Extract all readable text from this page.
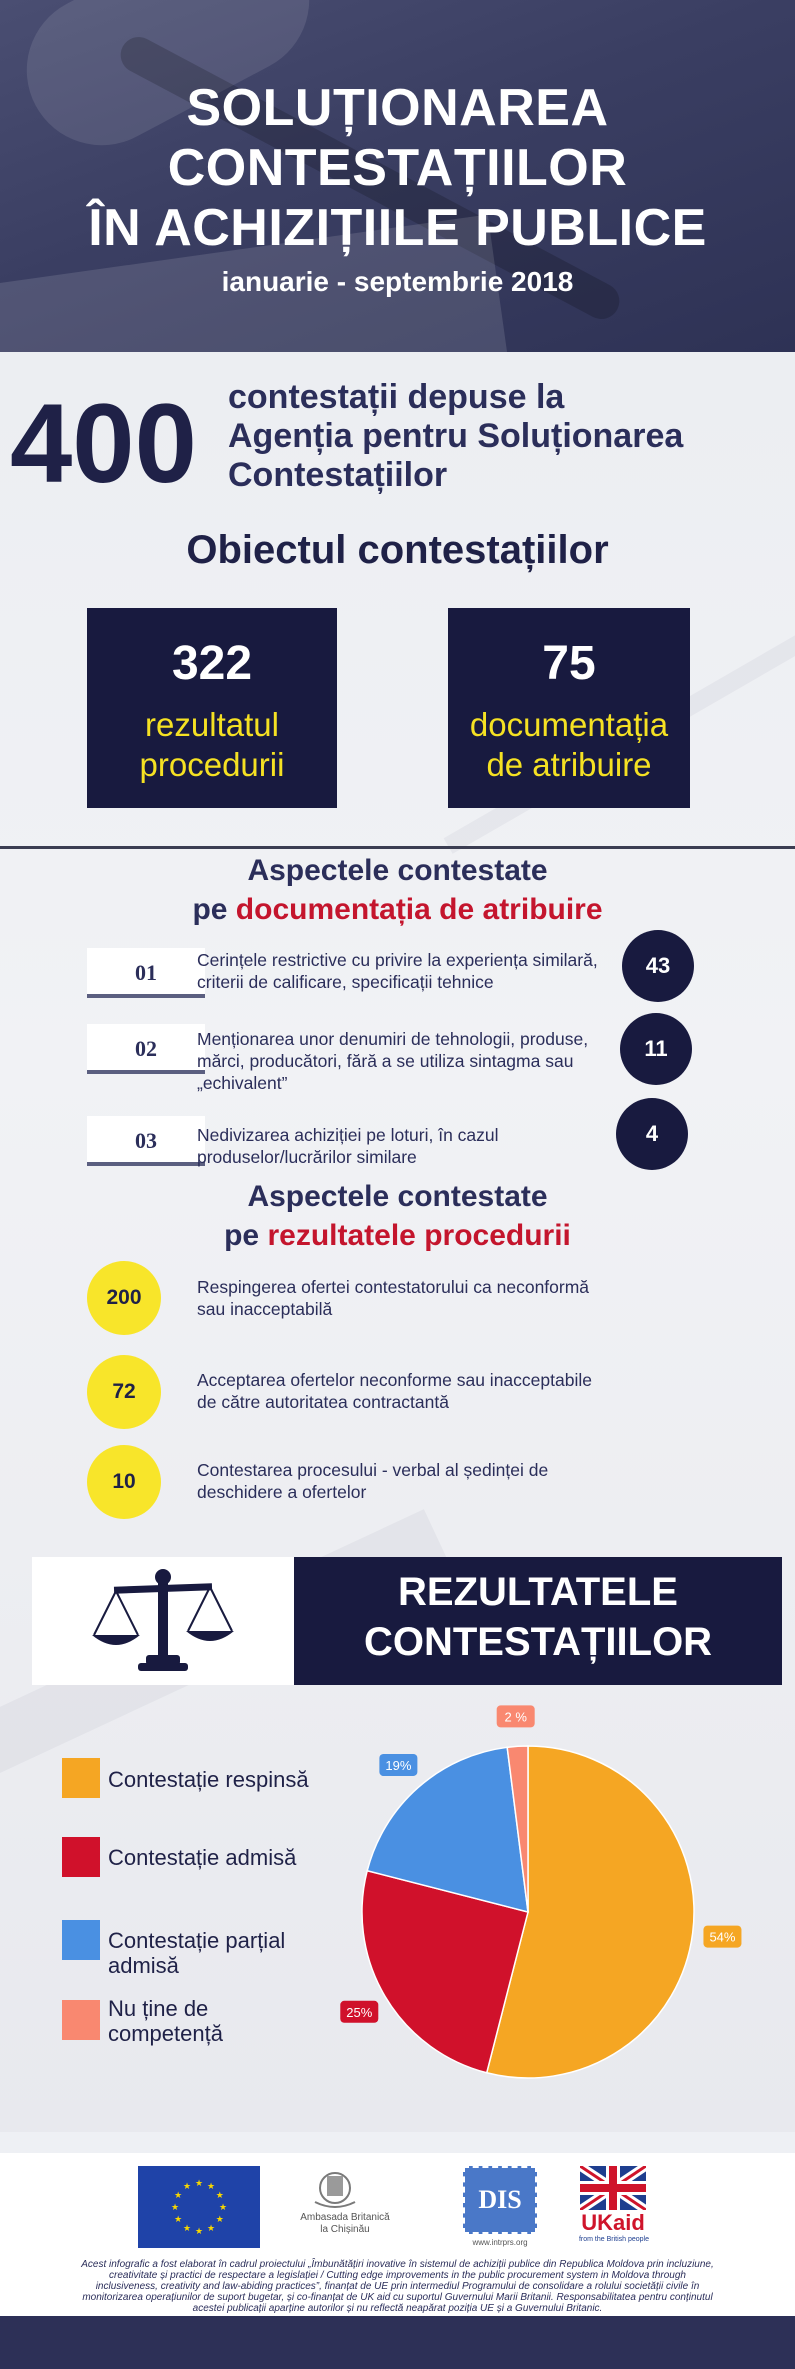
SOLUȚIONAREA
CONTESTAȚIILOR
ÎN ACHIZIȚIILE PUBLICE
ianuarie - septembrie 2018
400 contestații depuse la
Agenția pentru Soluționarea
Contestațiilor
Obiectul contestațiilor
322
rezultatul
procedurii
75
documentația
de atribuire
Aspectele contestate
pe documentația de atribuire
01	Cerințele restrictive cu privire la experiența similară, criterii de calificare, specificații tehnice
43
02	Menționarea unor denumiri de tehnologii, produse, mărci, producători, fără a se utiliza sintagma sau „echivalent”
11
03	Nedivizarea achiziției pe loturi, în cazul produselor/lucrărilor similare
4
Aspectele contestate
pe rezultatele procedurii
200	Respingerea ofertei contestatorului ca neconformă sau inacceptabilă
72	Acceptarea ofertelor neconforme sau inacceptabile de către autoritatea contractantă
10	Contestarea procesului - verbal al ședinței de deschidere a ofertelor
REZULTATELE
CONTESTAȚIILOR
Contestație respinsă
Contestație admisă
Contestație parțial admisă
Nu ține de competență
54%
25%
19%
2 %
★
★
★
★
★
★
★
★
★ ★ ★
★
Ambasada Britanică
la Chișinău
DIS
www.intrprs.org
UKaid
from the British people
Acest infografic a fost elaborat în cadrul proiectului „Îmbunătățiri inovative în sistemul de achiziții publice din Republica Moldova prin incluziune,
creativitate și practici de respectare a legislației / Cutting edge improvements in the public procurement system in Moldova through
inclusiveness, creativity and law-abiding practices”, finanțat de UE prin intermediul Programului de consolidare a rolului societății civile în
monitorizarea operațiunilor de suport bugetar, și co-finanțat de UK aid cu suportul Guvernului Marii Britanii. Responsabilitatea pentru conținutul
acestei publicații aparține autorilor și nu reflectă neapărat poziția UE și a Guvernului Britanic.
